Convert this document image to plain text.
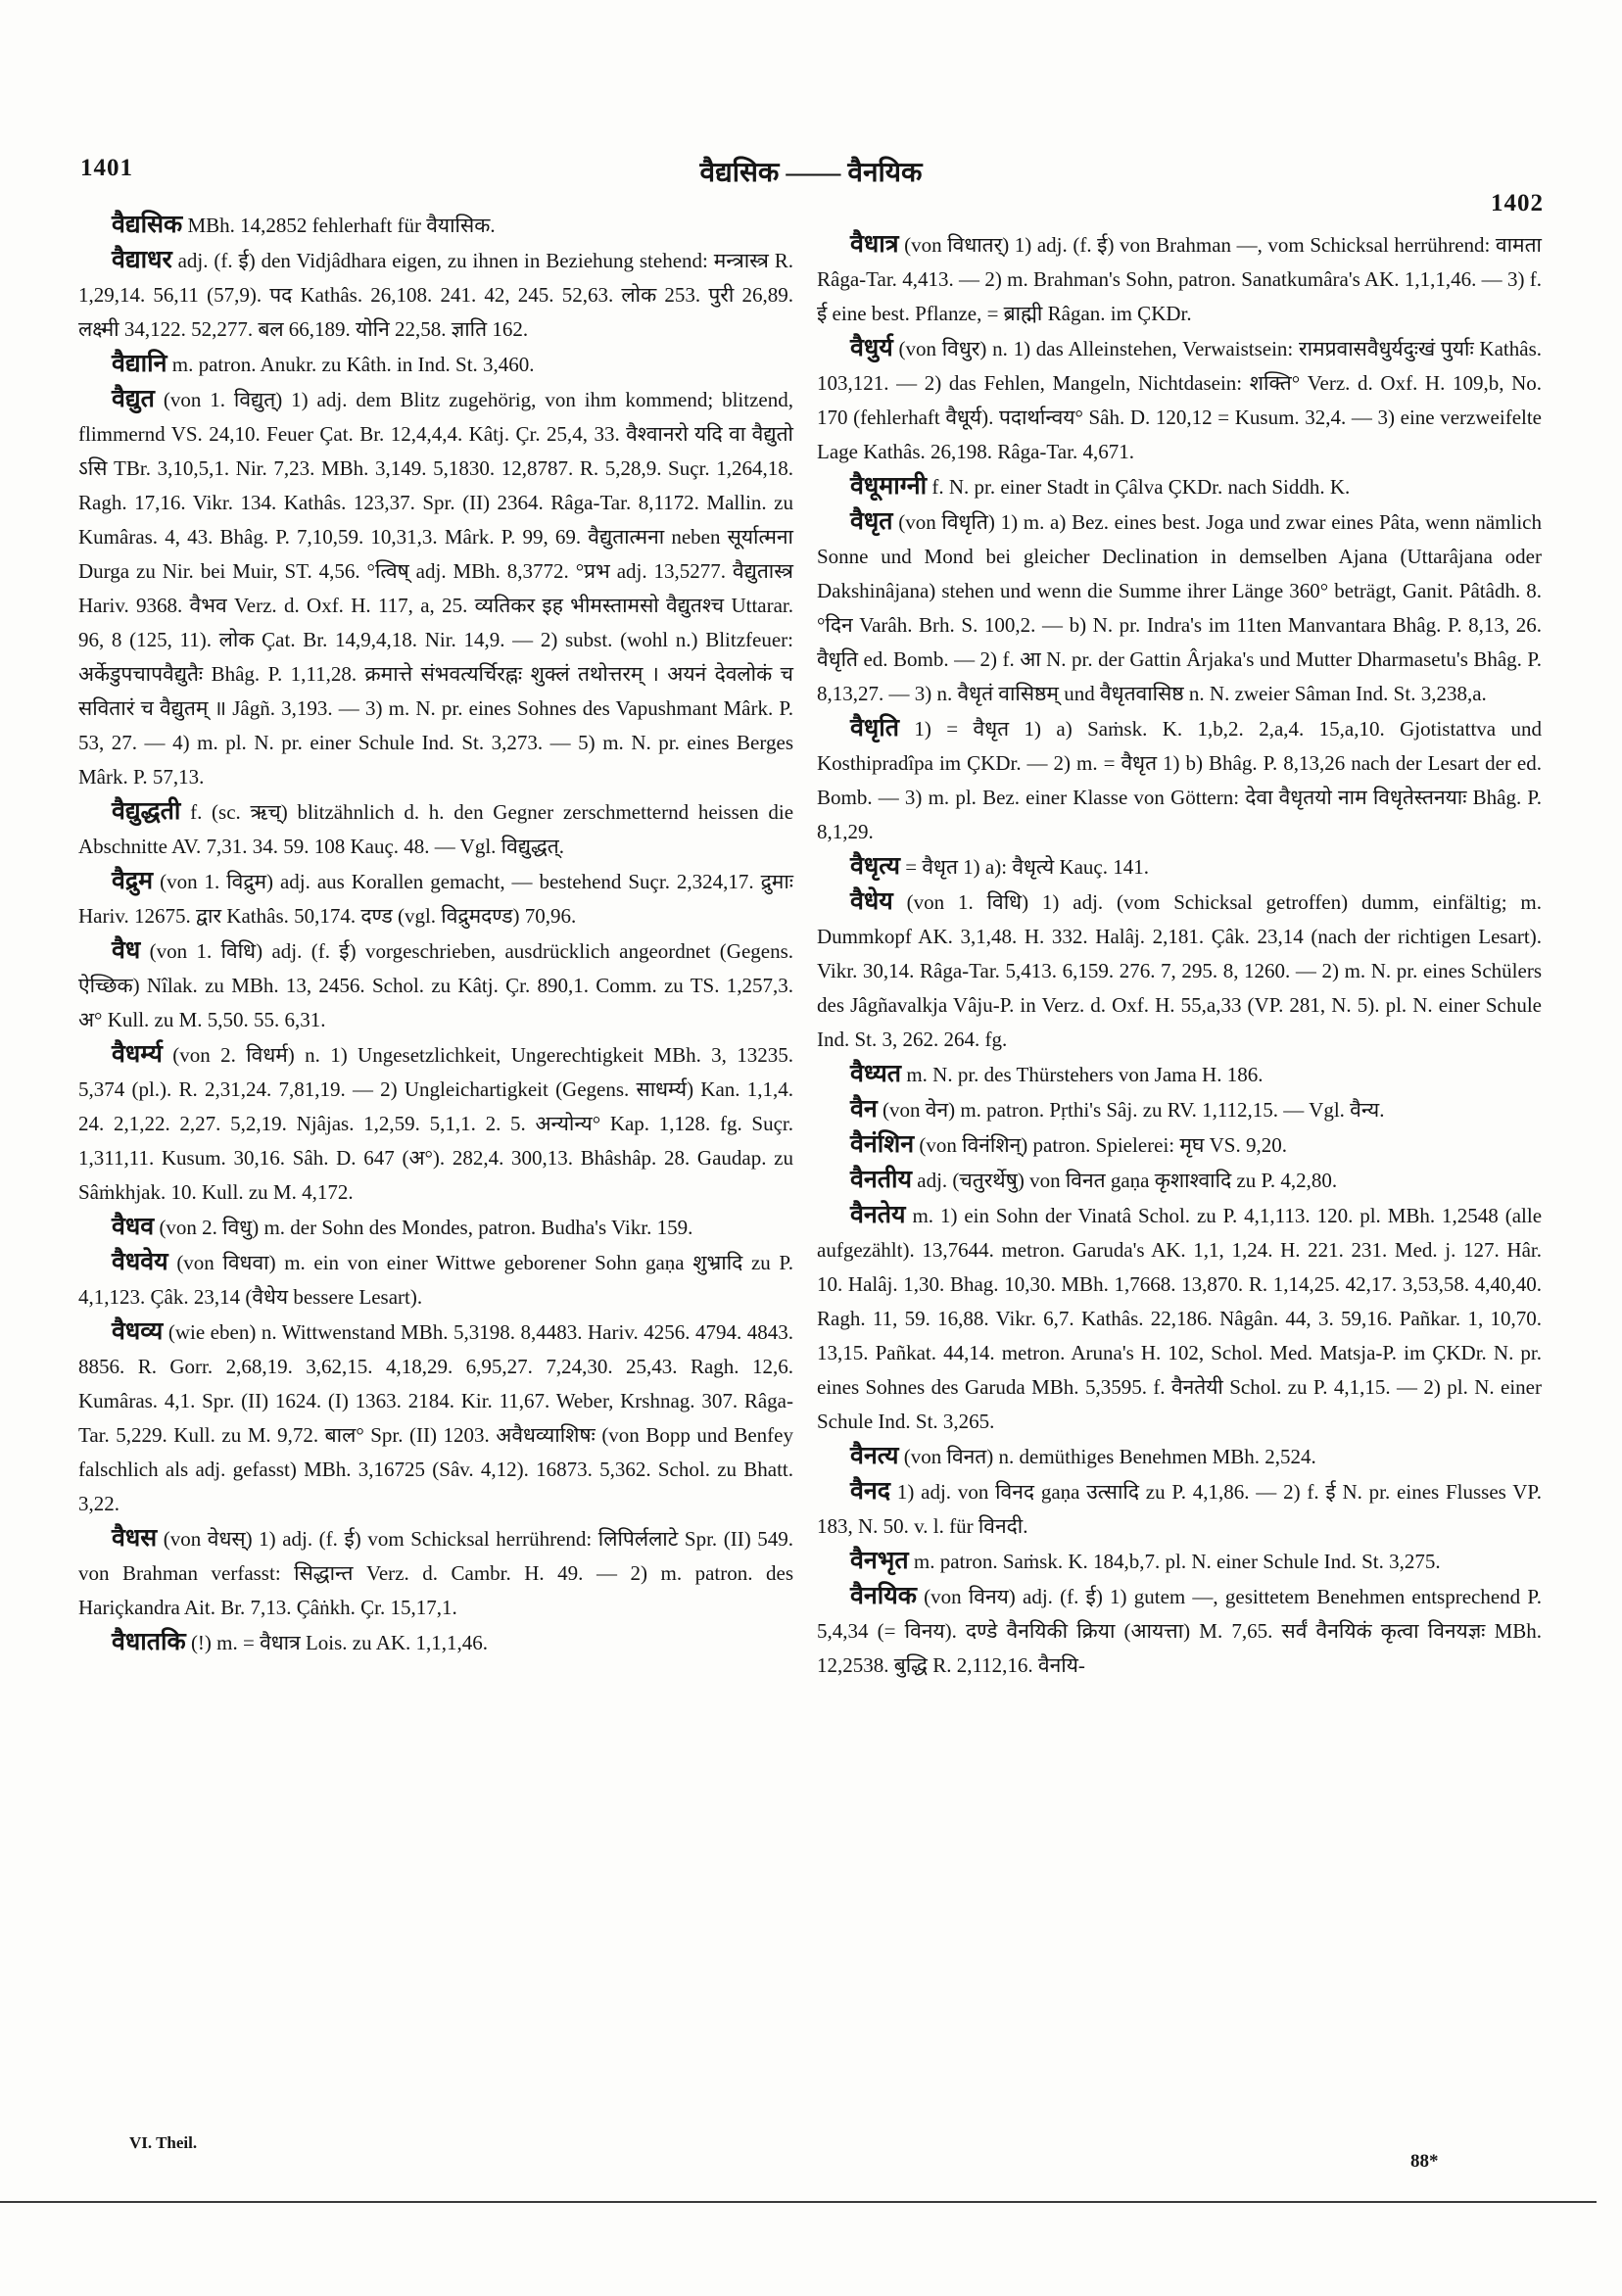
1401	वैद्यसिक —— वैनयिक
1402

वैद्यसिक MBh. 14,2852 fehlerhaft für वैयासिक.

वैद्याधर adj. (f. ई) den Vidjâdhara eigen, zu ihnen in Beziehung stehend: मन्त्रास्त्र R. 1,29,14. 56,11 (57,9). पद Kathâs. 26,108. 241. 42, 245. 52,63. लोक 253. पुरी 26,89. लक्ष्मी 34,122. 52,277. बल 66,189. योनि 22,58. ज्ञाति 162.

वैद्यानि m. patron. Anukr. zu Kâth. in Ind. St. 3,460.

वैद्युत (von 1. विद्युत्) 1) adj. dem Blitz zugehörig, von ihm kommend; blitzend, flimmernd VS. 24,10. Feuer Çat. Br. 12,4,4,4. Kâtj. Çr. 25,4, 33. वैश्वानरो यदि वा वैद्युतो ऽसि TBr. 3,10,5,1. Nir. 7,23. MBh. 3,149. 5,1830. 12,8787. R. 5,28,9. Suçr. 1,264,18. Ragh. 17,16. Vikr. 134. Kathâs. 123,37. Spr. (II) 2364. Râga-Tar. 8,1172. Mallin. zu Kumâras. 4, 43. Bhâg. P. 7,10,59. 10,31,3. Mârk. P. 99, 69. वैद्युतात्मना neben सूर्यात्मना Durga zu Nir. bei Muir, ST. 4,56. °त्विष् adj. MBh. 8,3772. °प्रभ adj. 13,5277. वैद्युतास्त्र Hariv. 9368. वैभव Verz. d. Oxf. H. 117, a, 25. व्यतिकर इह भीमस्तामसो वैद्युतश्च Uttarar. 96, 8 (125, 11). लोक Çat. Br. 14,9,4,18. Nir. 14,9. — 2) subst. (wohl n.) Blitzfeuer: अर्केडुपचापवैद्युतैः Bhâg. P. 1,11,28. क्रमात्ते संभवत्यर्चिरह्नः शुक्लं तथोत्तरम् । अयनं देवलोकं च सवितारं च वैद्युतम् ॥ Jâgñ. 3,193. — 3) m. N. pr. eines Sohnes des Vapushmant Mârk. P. 53, 27. — 4) m. pl. N. pr. einer Schule Ind. St. 3,273. — 5) m. N. pr. eines Berges Mârk. P. 57,13.

वैद्युद्धती f. (sc. ऋच्) blitzähnlich d. h. den Gegner zerschmetternd heissen die Abschnitte AV. 7,31. 34. 59. 108 Kauç. 48. — Vgl. विद्युद्धत्.

वैद्रुम (von 1. विद्रुम) adj. aus Korallen gemacht, — bestehend Suçr. 2,324,17. द्रुमाः Hariv. 12675. द्वार Kathâs. 50,174. दण्ड (vgl. विद्रुमदण्ड) 70,96.

वैध (von 1. विधि) adj. (f. ई) vorgeschrieben, ausdrücklich angeordnet (Gegens. ऐच्छिक) Nîlak. zu MBh. 13, 2456. Schol. zu Kâtj. Çr. 890,1. Comm. zu TS. 1,257,3. अ° Kull. zu M. 5,50. 55. 6,31.

वैधर्म्य (von 2. विधर्म) n. 1) Ungesetzlichkeit, Ungerechtigkeit MBh. 3, 13235. 5,374 (pl.). R. 2,31,24. 7,81,19. — 2) Ungleichartigkeit (Gegens. साधर्म्य) Kan. 1,1,4. 24. 2,1,22. 2,27. 5,2,19. Njâjas. 1,2,59. 5,1,1. 2. 5. अन्योन्य° Kap. 1,128. fg. Suçr. 1,311,11. Kusum. 30,16. Sâh. D. 647 (अ°). 282,4. 300,13. Bhâshâp. 28. Gaudap. zu Sâṁkhjak. 10. Kull. zu M. 4,172.

वैधव (von 2. विधु) m. der Sohn des Mondes, patron. Budha's Vikr. 159.

वैधवेय (von विधवा) m. ein von einer Wittwe geborener Sohn gaṇa शुभ्रादि zu P. 4,1,123. Çâk. 23,14 (वैधेय bessere Lesart).

वैधव्य (wie eben) n. Wittwenstand MBh. 5,3198. 8,4483. Hariv. 4256. 4794. 4843. 8856. R. Gorr. 2,68,19. 3,62,15. 4,18,29. 6,95,27. 7,24,30. 25,43. Ragh. 12,6. Kumâras. 4,1. Spr. (II) 1624. (I) 1363. 2184. Kir. 11,67. Weber, Krshnag. 307. Râga-Tar. 5,229. Kull. zu M. 9,72. बाल° Spr. (II) 1203. अवैधव्याशिषः (von Bopp und Benfey falschlich als adj. gefasst) MBh. 3,16725 (Sâv. 4,12). 16873. 5,362. Schol. zu Bhatt. 3,22.

वैधस (von वेधस्) 1) adj. (f. ई) vom Schicksal herrührend: लिपिर्ललाटे Spr. (II) 549. von Brahman verfasst: सिद्धान्त Verz. d. Cambr. H. 49. — 2) m. patron. des Hariçkandra Ait. Br. 7,13. Çâṅkh. Çr. 15,17,1.

वैधातकि (!) m. = वैधात्र Lois. zu AK. 1,1,1,46.

वैधात्र (von विधातर्) 1) adj. (f. ई) von Brahman —, vom Schicksal herrührend: वामता Râga-Tar. 4,413. — 2) m. Brahman's Sohn, patron. Sanatkumâra's AK. 1,1,1,46. — 3) f. ई eine best. Pflanze, = ब्राह्मी Râgan. im ÇKDr.

वैधुर्य (von विधुर) n. 1) das Alleinstehen, Verwaistsein: रामप्रवासवैधुर्यदुःखं पुर्याः Kathâs. 103,121. — 2) das Fehlen, Mangeln, Nichtdasein: शक्ति° Verz. d. Oxf. H. 109,b, No. 170 (fehlerhaft वैधूर्य). पदार्थान्वय° Sâh. D. 120,12 = Kusum. 32,4. — 3) eine verzweifelte Lage Kathâs. 26,198. Râga-Tar. 4,671.

वैधूमाग्नी f. N. pr. einer Stadt in Çâlva ÇKDr. nach Siddh. K.

वैधृत (von विधृति) 1) m. a) Bez. eines best. Joga und zwar eines Pâta, wenn nämlich Sonne und Mond bei gleicher Declination in demselben Ajana (Uttarâjana oder Dakshinâjana) stehen und wenn die Summe ihrer Länge 360° beträgt, Ganit. Pâtâdh. 8. °दिन Varâh. Brh. S. 100,2. — b) N. pr. Indra's im 11ten Manvantara Bhâg. P. 8,13, 26. वैधृति ed. Bomb. — 2) f. आ N. pr. der Gattin Ârjaka's und Mutter Dharmasetu's Bhâg. P. 8,13,27. — 3) n. वैधृतं वासिष्ठम् und वैधृतवासिष्ठ n. N. zweier Sâman Ind. St. 3,238,a.

वैधृति 1) = वैधृत 1) a) Saṁsk. K. 1,b,2. 2,a,4. 15,a,10. Gjotistattva und Kosthipradîpa im ÇKDr. — 2) m. = वैधृत 1) b) Bhâg. P. 8,13,26 nach der Lesart der ed. Bomb. — 3) m. pl. Bez. einer Klasse von Göttern: देवा वैधृतयो नाम विधृतेस्तनयाः Bhâg. P. 8,1,29.

वैधृत्य = वैधृत 1) a): वैधृत्ये Kauç. 141.

वैधेय (von 1. विधि) 1) adj. (vom Schicksal getroffen) dumm, einfältig; m. Dummkopf AK. 3,1,48. H. 332. Halâj. 2,181. Çâk. 23,14 (nach der richtigen Lesart). Vikr. 30,14. Râga-Tar. 5,413. 6,159. 276. 7, 295. 8, 1260. — 2) m. N. pr. eines Schülers des Jâgñavalkja Vâju-P. in Verz. d. Oxf. H. 55,a,33 (VP. 281, N. 5). pl. N. einer Schule Ind. St. 3, 262. 264. fg.

वैध्यत m. N. pr. des Thürstehers von Jama H. 186.

वैन (von वेन) m. patron. Pṛthi's Sâj. zu RV. 1,112,15. — Vgl. वैन्य.

वैनंशिन (von विनंशिन्) patron. Spielerei: मृघ VS. 9,20.

वैनतीय adj. (चतुरर्थेषु) von विनत gaṇa कृशाश्वादि zu P. 4,2,80.

वैनतेय m. 1) ein Sohn der Vinatâ Schol. zu P. 4,1,113. 120. pl. MBh. 1,2548 (alle aufgezählt). 13,7644. metron. Garuda's AK. 1,1, 1,24. H. 221. 231. Med. j. 127. Hâr. 10. Halâj. 1,30. Bhag. 10,30. MBh. 1,7668. 13,870. R. 1,14,25. 42,17. 3,53,58. 4,40,40. Ragh. 11, 59. 16,88. Vikr. 6,7. Kathâs. 22,186. Nâgân. 44, 3. 59,16. Pañkar. 1, 10,70. 13,15. Pañkat. 44,14. metron. Aruna's H. 102, Schol. Med. Matsja-P. im ÇKDr. N. pr. eines Sohnes des Garuda MBh. 5,3595. f. वैनतेयी Schol. zu P. 4,1,15. — 2) pl. N. einer Schule Ind. St. 3,265.

वैनत्य (von विनत) n. demüthiges Benehmen MBh. 2,524.

वैनद 1) adj. von विनद gaṇa उत्सादि zu P. 4,1,86. — 2) f. ई N. pr. eines Flusses VP. 183, N. 50. v. l. für विनदी.

वैनभृत m. patron. Saṁsk. K. 184,b,7. pl. N. einer Schule Ind. St. 3,275.

वैनयिक (von विनय) adj. (f. ई) 1) gutem —, gesittetem Benehmen entsprechend P. 5,4,34 (= विनय). दण्डे वैनयिकी क्रिया (आयत्ता) M. 7,65. सर्वं वैनयिकं कृत्वा विनयज्ञः MBh. 12,2538. बुद्धि R. 2,112,16. वैनयि-

VI. Theil.
88*
